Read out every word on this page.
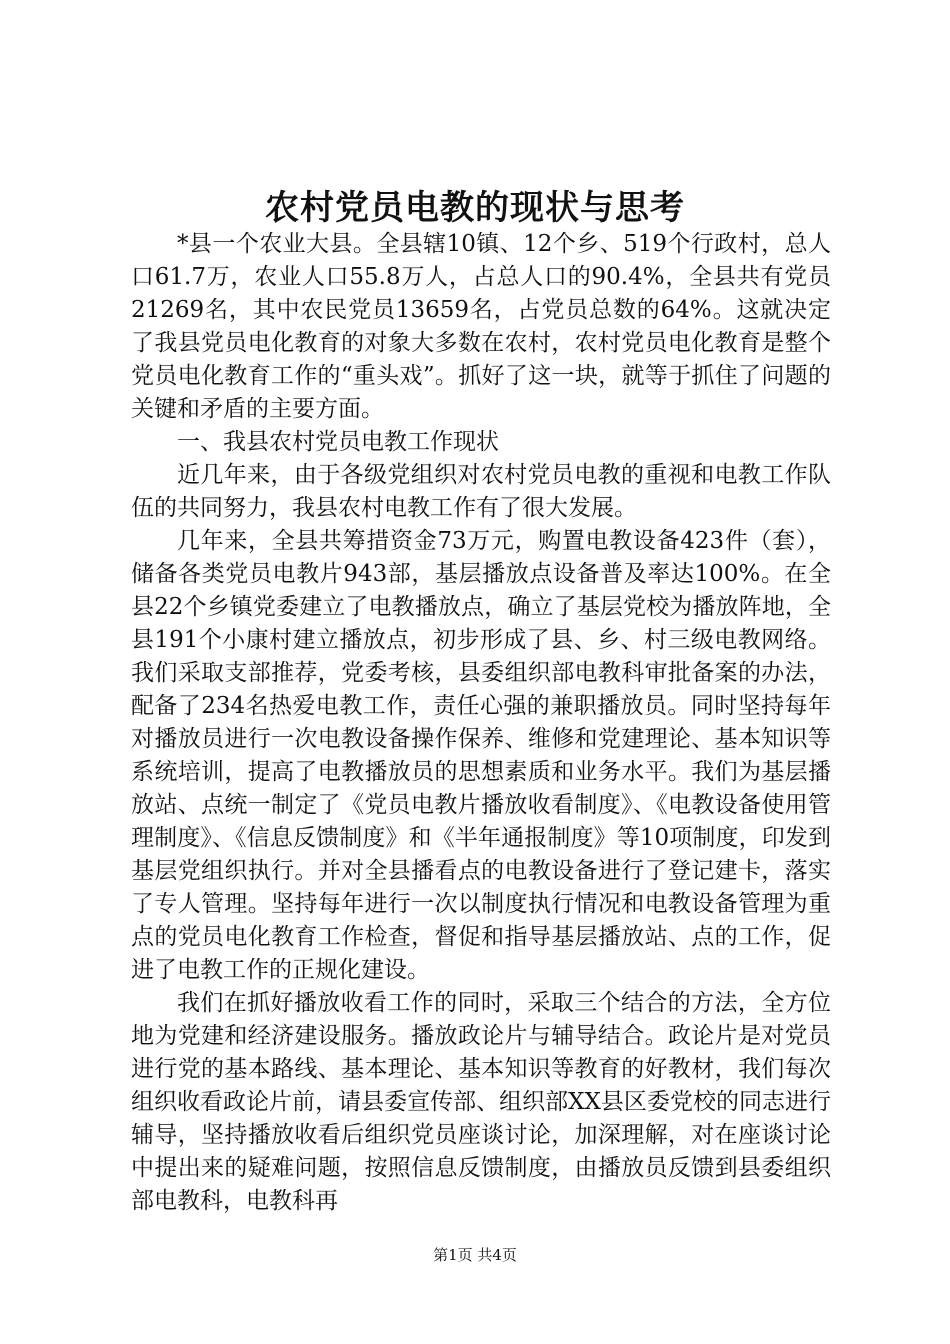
农村党员电教的现状与思考

*县一个农业大县。全县辖10镇、12个乡、519个行政村，总人口61.7万，农业人口55.8万人，占总人口的90.4%，全县共有党员21269名，其中农民党员13659名，占党员总数的64%。这就决定了我县党员电化教育的对象大多数在农村，农村党员电化教育是整个党员电化教育工作的“重头戏”。抓好了这一块，就等于抓住了问题的关键和矛盾的主要方面。

一、我县农村党员电教工作现状

近几年来，由于各级党组织对农村党员电教的重视和电教工作队伍的共同努力，我县农村电教工作有了很大发展。

几年来，全县共筹措资金73万元，购置电教设备423件（套），储备各类党员电教片943部，基层播放点设备普及率达100%。在全县22个乡镇党委建立了电教播放点，确立了基层党校为播放阵地，全县191个小康村建立播放点，初步形成了县、乡、村三级电教网络。我们采取支部推荐，党委考核，县委组织部电教科审批备案的办法，配备了234名热爱电教工作，责任心强的兼职播放员。同时坚持每年对播放员进行一次电教设备操作保养、维修和党建理论、基本知识等系统培训，提高了电教播放员的思想素质和业务水平。我们为基层播放站、点统一制定了《党员电教片播放收看制度》、《电教设备使用管理制度》、《信息反馈制度》和《半年通报制度》等10项制度，印发到基层党组织执行。并对全县播看点的电教设备进行了登记建卡，落实了专人管理。坚持每年进行一次以制度执行情况和电教设备管理为重点的党员电化教育工作检查，督促和指导基层播放站、点的工作，促进了电教工作的正规化建设。

我们在抓好播放收看工作的同时，采取三个结合的方法，全方位地为党建和经济建设服务。播放政论片与辅导结合。政论片是对党员进行党的基本路线、基本理论、基本知识等教育的好教材，我们每次组织收看政论片前，请县委宣传部、组织部XX县区委党校的同志进行辅导，坚持播放收看后组织党员座谈讨论，加深理解，对在座谈讨论中提出来的疑难问题，按照信息反馈制度，由播放员反馈到县委组织部电教科，电教科再

第1页 共4页
